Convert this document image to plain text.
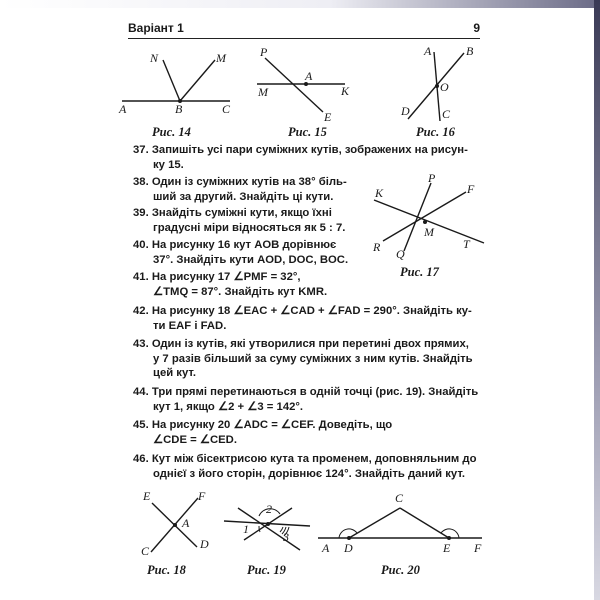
Варіант 1	9
N	M
A	B	C
P
A
M	K
E
A	B
O
D	C
K
P
F
M
R Q
T
E	F
A
C	D
1
2
3
C
A D	E F
Рис. 14	Рис. 15	Рис. 16
Рис. 17
Рис. 18	Рис. 19	Рис. 20
37. Запишіть усі пари суміжних кутів, зображених на рисун-
ку 15.
38. Один із суміжних кутів на 38° біль-
ший за другий. Знайдіть ці кути.
39. Знайдіть суміжні кути, якщо їхні
градусні міри відносяться як 5 : 7.
40. На рисунку 16 кут AOB дорівнює
37°. Знайдіть кути AOD, DOC, BOC.
41. На рисунку 17 ∠PMF = 32°,
∠TMQ = 87°. Знайдіть кут KMR.
42. На рисунку 18 ∠EAC + ∠CAD + ∠FAD = 290°. Знайдіть ку-
ти EAF і FAD.
43. Один із кутів, які утворилися при перетині двох прямих,
у 7 разів більший за суму суміжних з ним кутів. Знайдіть
цей кут.
44. Три прямі перетинаються в одній точці (рис. 19). Знайдіть
кут 1, якщо ∠2 + ∠3 = 142°.
45. На рисунку 20 ∠ADC = ∠CEF. Доведіть, що
∠CDE = ∠CED.
46. Кут між бісектрисою кута та променем, доповняльним до
однієї з його сторін, дорівнює 124°. Знайдіть даний кут.
